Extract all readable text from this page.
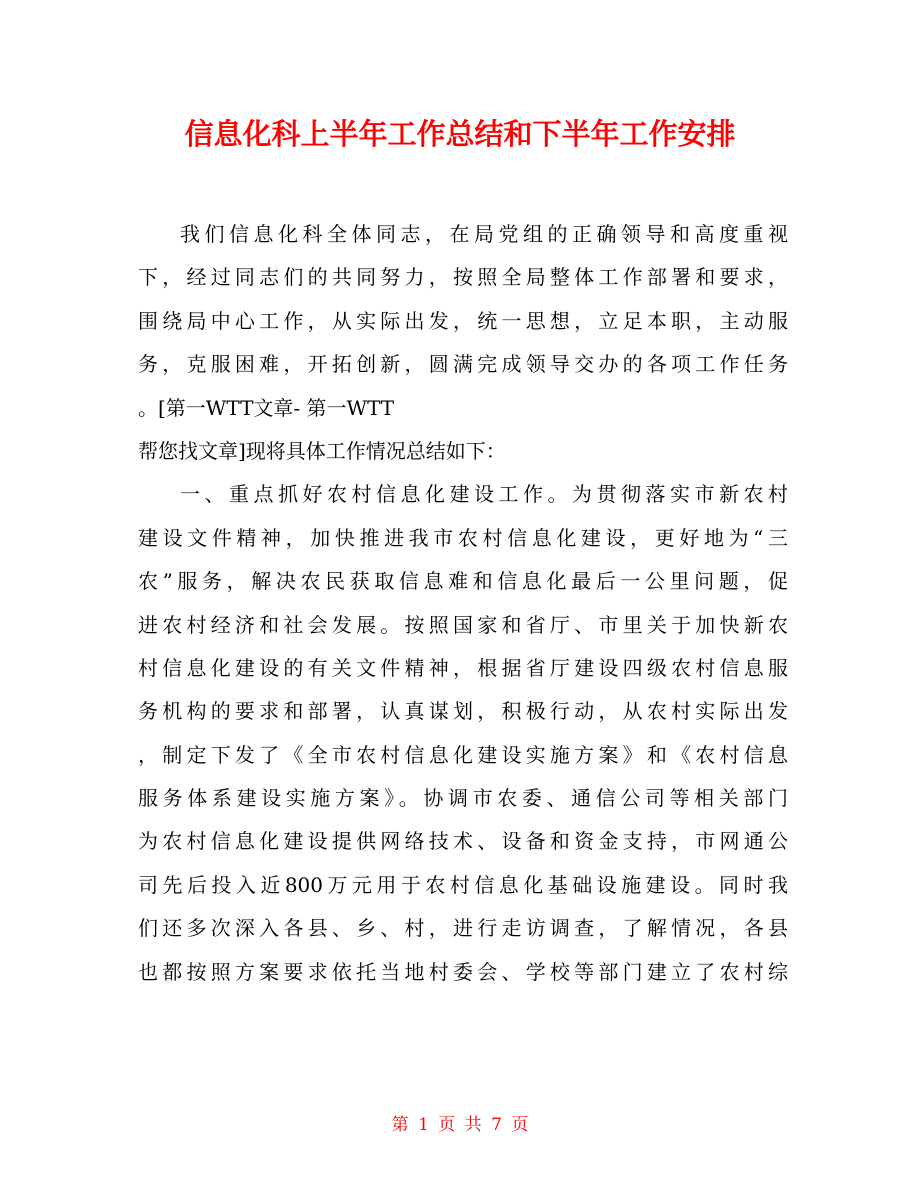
信息化科上半年工作总结和下半年工作安排
我们信息化科全体同志，在局党组的正确领导和高度重视
下，经过同志们的共同努力，按照全局整体工作部署和要求，
围绕局中心工作，从实际出发，统一思想，立足本职，主动服
务，克服困难，开拓创新，圆满完成领导交办的各项工作任务
。[第一WTT文章- 第一WTT
帮您找文章]现将具体工作情况总结如下：
一、重点抓好农村信息化建设工作。为贯彻落实市新农村
建设文件精神，加快推进我市农村信息化建设，更好地为“三
农”服务，解决农民获取信息难和信息化最后一公里问题，促
进农村经济和社会发展。按照国家和省厅、市里关于加快新农
村信息化建设的有关文件精神，根据省厅建设四级农村信息服
务机构的要求和部署，认真谋划，积极行动，从农村实际出发
，制定下发了《全市农村信息化建设实施方案》和《农村信息
服务体系建设实施方案》。协调市农委、通信公司等相关部门
为农村信息化建设提供网络技术、设备和资金支持，市网通公
司先后投入近800万元用于农村信息化基础设施建设。同时我
们还多次深入各县、乡、村，进行走访调查，了解情况，各县
也都按照方案要求依托当地村委会、学校等部门建立了农村综
第 1 页 共 7 页
